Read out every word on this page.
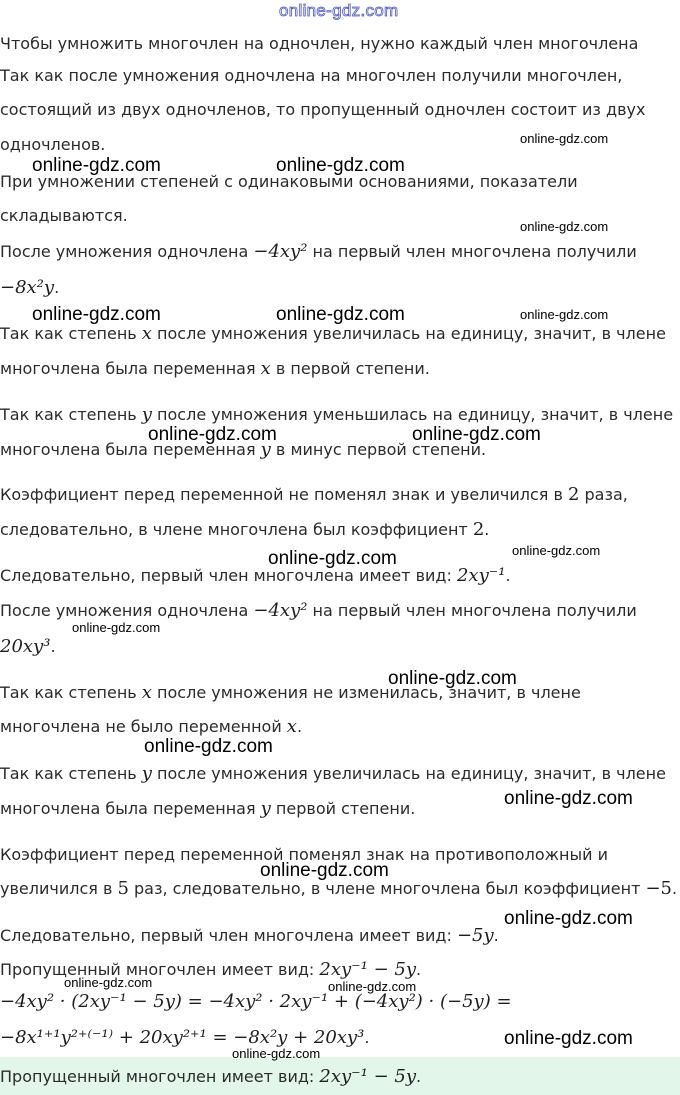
Чтобы умножить многочлен на одночлен, нужно каждый член многочлена
Так как после умножения одночлена на многочлен получили многочлен,
состоящий из двух одночленов, то пропущенный одночлен состоит из двух
одночленов.
При умножении степеней с одинаковыми основаниями, показатели
складываются.
После умножения одночлена −4xy² на первый член многочлена получили
−8x²y.
Так как степень x после умножения увеличилась на единицу, значит, в члене
многочлена была переменная x в первой степени.
Так как степень y после умножения уменьшилась на единицу, значит, в члене
многочлена была переменная y в минус первой степени.
Коэффициент перед переменной не поменял знак и увеличился в 2 раза,
следовательно, в члене многочлена был коэффициент 2.
Следовательно, первый член многочлена имеет вид: 2xy⁻¹.
После умножения одночлена −4xy² на первый член многочлена получили
20xy³.
Так как степень x после умножения не изменилась, значит, в члене
многочлена не было переменной x.
Так как степень y после умножения увеличилась на единицу, значит, в члене
многочлена была переменная y первой степени.
Коэффициент перед переменной поменял знак на противоположный и
увеличился в 5 раз, следовательно, в члене многочлена был коэффициент −5.
Следовательно, первый член многочлена имеет вид: −5y.
Пропущенный многочлен имеет вид: 2xy⁻¹ − 5y.
−4xy² · (2xy⁻¹ − 5y) = −4xy² · 2xy⁻¹ + (−4xy²) · (−5y) =
−8x¹⁺¹y²⁺⁽⁻¹⁾ + 20xy²⁺¹ = −8x²y + 20xy³.
Пропущенный многочлен имеет вид: 2xy⁻¹ − 5y.
online-gdz.com
online-gdz.com	online-gdz.com
online-gdz.com
online-gdz.com
online-gdz.com	online-gdz.com	online-gdz.com
online-gdz.com	online-gdz.com
online-gdz.com	online-gdz.com
online-gdz.com
online-gdz.com
online-gdz.com
online-gdz.com
online-gdz.com
online-gdz.com
online-gdz.com	online-gdz.com
online-gdz.com
online-gdz.com
